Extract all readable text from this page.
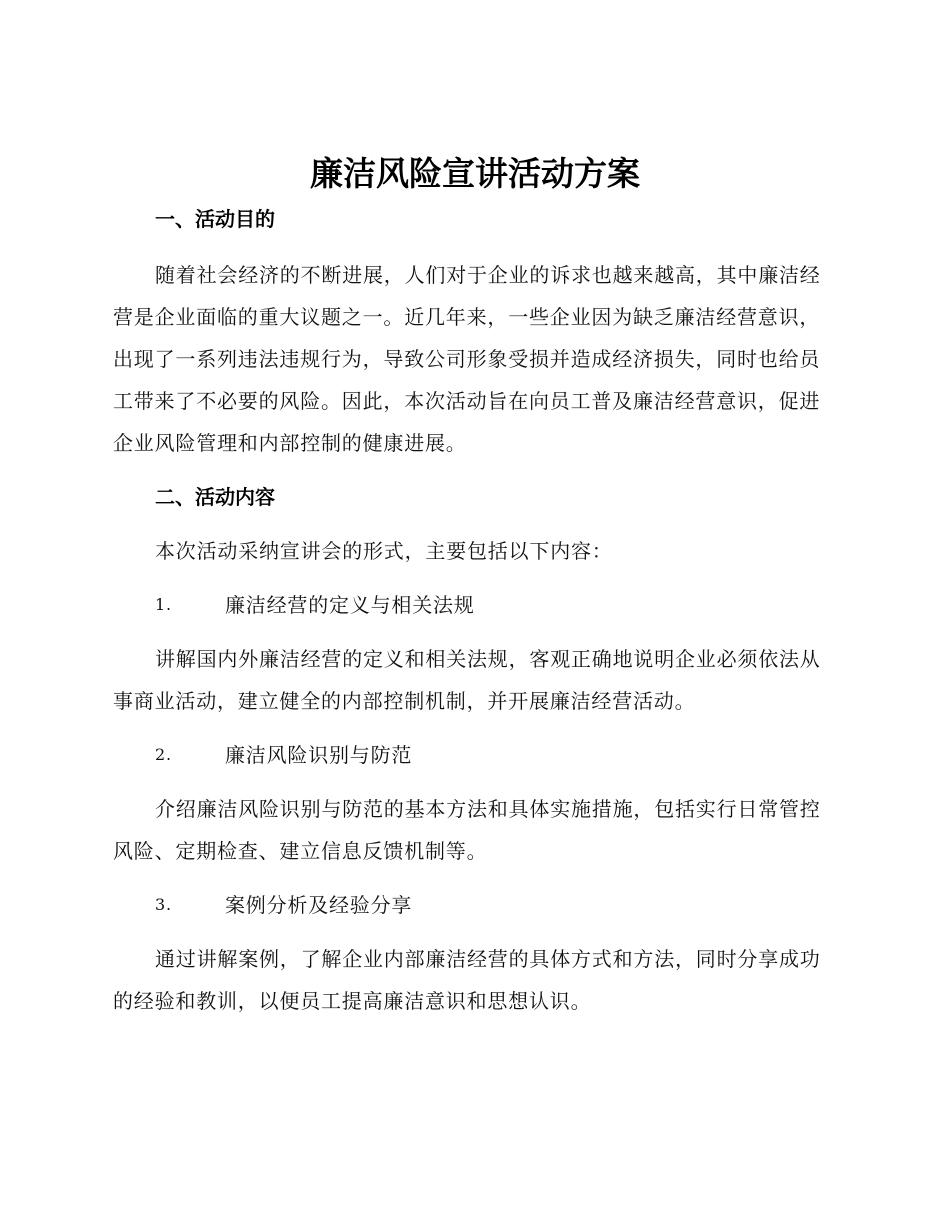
廉洁风险宣讲活动方案

一、活动目的

随着社会经济的不断进展，人们对于企业的诉求也越来越高，其中廉洁经营是企业面临的重大议题之一。近几年来，一些企业因为缺乏廉洁经营意识，出现了一系列违法违规行为，导致公司形象受损并造成经济损失，同时也给员工带来了不必要的风险。因此，本次活动旨在向员工普及廉洁经营意识，促进企业风险管理和内部控制的健康进展。

二、活动内容

本次活动采纳宣讲会的形式，主要包括以下内容：

1.	廉洁经营的定义与相关法规

讲解国内外廉洁经营的定义和相关法规，客观正确地说明企业必须依法从事商业活动，建立健全的内部控制机制，并开展廉洁经营活动。

2.	廉洁风险识别与防范

介绍廉洁风险识别与防范的基本方法和具体实施措施，包括实行日常管控风险、定期检查、建立信息反馈机制等。

3.	案例分析及经验分享

通过讲解案例，了解企业内部廉洁经营的具体方式和方法，同时分享成功的经验和教训，以便员工提高廉洁意识和思想认识。
